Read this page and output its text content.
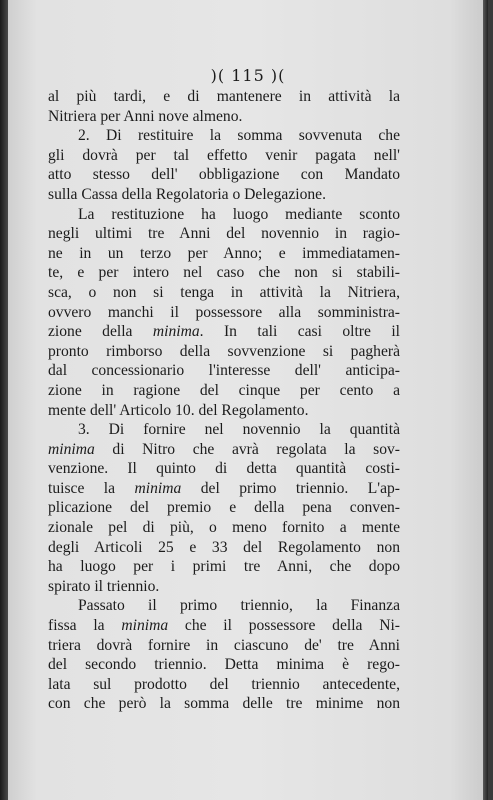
)( 115 )(
al più tardi, e di mantenere in attività la
Nitriera per Anni nove almeno.
2. Di restituire la somma sovvenuta che
gli dovrà per tal effetto venir pagata nell'
atto stesso dell' obbligazione con Mandato
sulla Cassa della Regolatoria o Delegazione.
La restituzione ha luogo mediante sconto
negli ultimi tre Anni del novennio in ragio-
ne in un terzo per Anno; e immediatamen-
te, e per intero nel caso che non si stabili-
sca, o non si tenga in attività la Nitriera,
ovvero manchi il possessore alla somministra-
zione della minima. In tali casi oltre il
pronto rimborso della sovvenzione si pagherà
dal concessionario l'interesse dell' anticipa-
zione in ragione del cinque per cento a
mente dell' Articolo 10. del Regolamento.
3. Di fornire nel novennio la quantità
minima di Nitro che avrà regolata la sov-
venzione. Il quinto di detta quantità costi-
tuisce la minima del primo triennio. L'ap-
plicazione del premio e della pena conven-
zionale pel di più, o meno fornito a mente
degli Articoli 25 e 33 del Regolamento non
ha luogo per i primi tre Anni, che dopo
spirato il triennio.
Passato il primo triennio, la Finanza
fissa la minima che il possessore della Ni-
triera dovrà fornire in ciascuno de' tre Anni
del secondo triennio. Detta minima è rego-
lata sul prodotto del triennio antecedente,
con che però la somma delle tre minime non
